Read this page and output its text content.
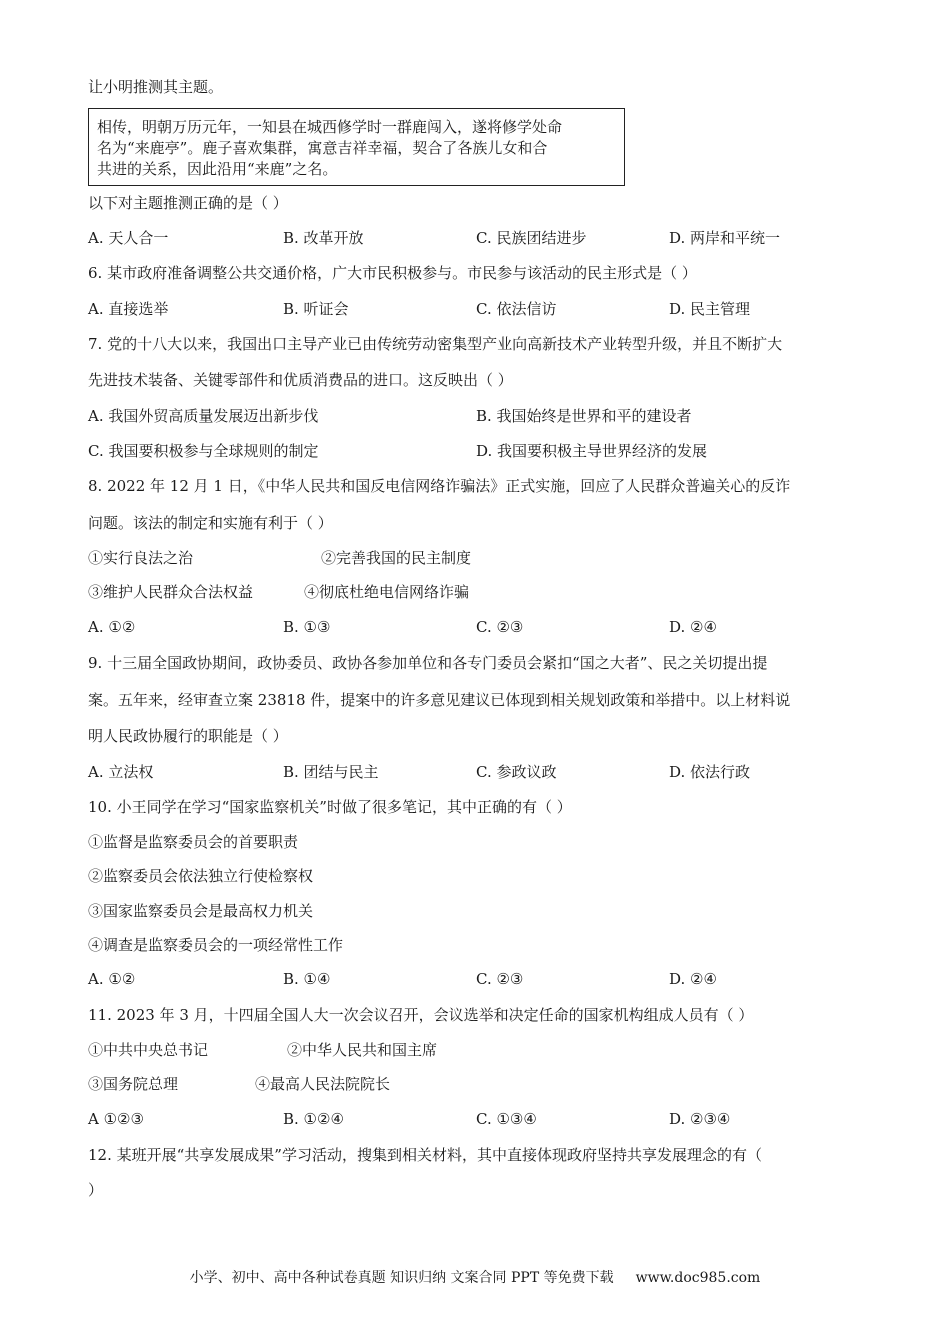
让小明推测其主题。

相传，明朝万历元年，一知县在城西修学时一群鹿闯入，遂将修学处命

名为“来鹿亭”。鹿子喜欢集群，寓意吉祥幸福，契合了各族儿女和合

共进的关系，因此沿用“来鹿”之名。

以下对主题推测正确的是（ ）
A. 天人合一	B. 改革开放	C. 民族团结进步	D. 两岸和平统一
6. 某市政府准备调整公共交通价格，广大市民积极参与。市民参与该活动的民主形式是（ ）
A. 直接选举	B. 听证会	C. 依法信访	D. 民主管理
7. 党的十八大以来，我国出口主导产业已由传统劳动密集型产业向高新技术产业转型升级，并且不断扩大
先进技术装备、关键零部件和优质消费品的进口。这反映出（ ）
A. 我国外贸高质量发展迈出新步伐	B. 我国始终是世界和平的建设者
C. 我国要积极参与全球规则的制定	D. 我国要积极主导世界经济的发展
8. 2022 年 12 月 1 日，《中华人民共和国反电信网络诈骗法》正式实施，回应了人民群众普遍关心的反诈
问题。该法的制定和实施有利于（ ）
①实行良法之治	②完善我国的民主制度
③维护人民群众合法权益	④彻底杜绝电信网络诈骗
A. ①②	B. ①③	C. ②③	D. ②④
9. 十三届全国政协期间，政协委员、政协各参加单位和各专门委员会紧扣“国之大者”、民之关切提出提
案。五年来，经审查立案 23818 件，提案中的许多意见建议已体现到相关规划政策和举措中。以上材料说
明人民政协履行的职能是（ ）
A. 立法权	B. 团结与民主	C. 参政议政	D. 依法行政
10. 小王同学在学习“国家监察机关”时做了很多笔记，其中正确的有（ ）
①监督是监察委员会的首要职责
②监察委员会依法独立行使检察权
③国家监察委员会是最高权力机关
④调查是监察委员会的一项经常性工作
A. ①②	B. ①④	C. ②③	D. ②④
11. 2023 年 3 月，十四届全国人大一次会议召开，会议选举和决定任命的国家机构组成人员有（ ）
①中共中央总书记	②中华人民共和国主席
③国务院总理	④最高人民法院院长
A ①②③	B. ①②④	C. ①③④	D. ②③④
12. 某班开展“共享发展成果”学习活动，搜集到相关材料，其中直接体现政府坚持共享发展理念的有（
）
小学、初中、高中各种试卷真题 知识归纳 文案合同 PPT 等免费下载 www.doc985.com
